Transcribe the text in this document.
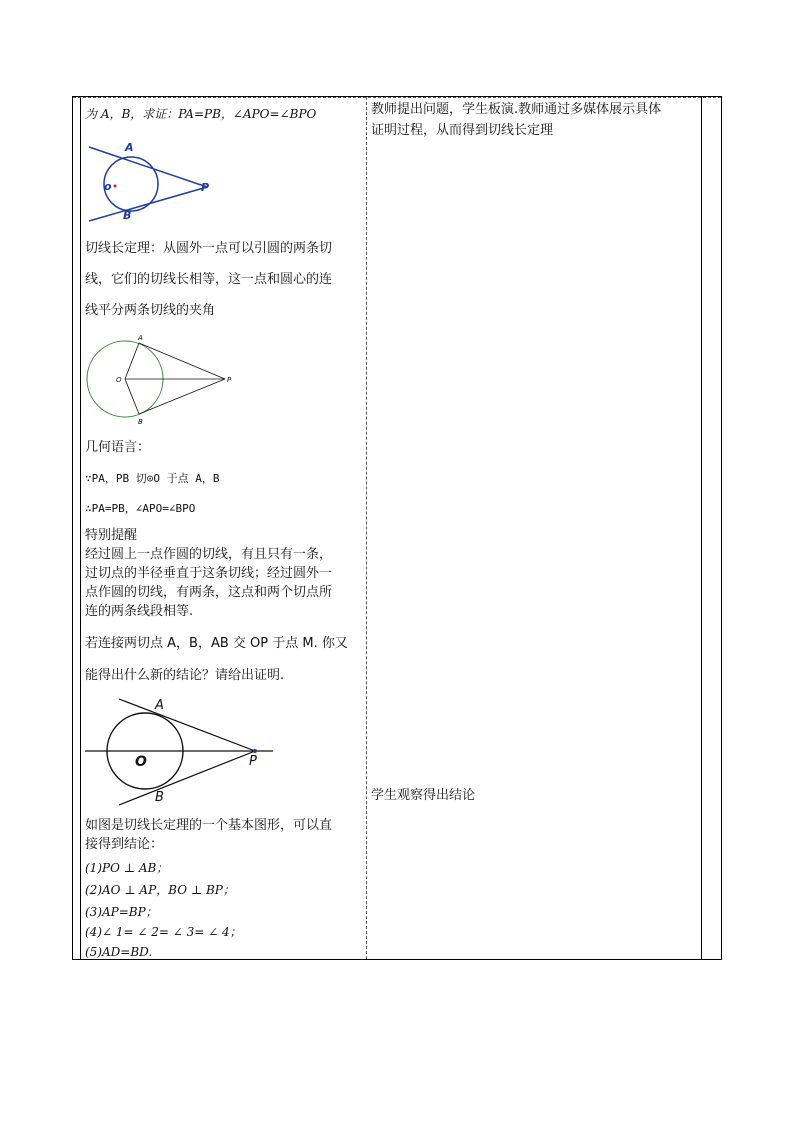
为 A，B，求证：PA=PB，∠APO=∠BPO
A
B
o	P
切线长定理：从圆外一点可以引圆的两条切
线，它们的切线长相等，这一点和圆心的连
线平分两条切线的夹角
A
B
O	P
几何语言：
∵PA，PB 切⊙O 于点 A，B
∴PA=PB，∠APO=∠BPO
特别提醒
经过圆上一点作圆的切线，有且只有一条，
过切点的半径垂直于这条切线；经过圆外一
点作圆的切线，有两条，这点和两个切点所
连的两条线段相等.
若连接两切点 A，B，AB 交 OP 于点 M. 你又
能得出什么新的结论？请给出证明.
A
B
O	P
如图是切线长定理的一个基本图形，可以直
接得到结论：
(1)PO ⊥ AB；
(2)AO ⊥ AP，BO ⊥ BP；
(3)AP=BP；
(4)∠ 1= ∠ 2= ∠ 3= ∠ 4；
(5)AD=BD.
教师提出问题，学生板演.教师通过多媒体展示具体
证明过程，从而得到切线长定理
学生观察得出结论
